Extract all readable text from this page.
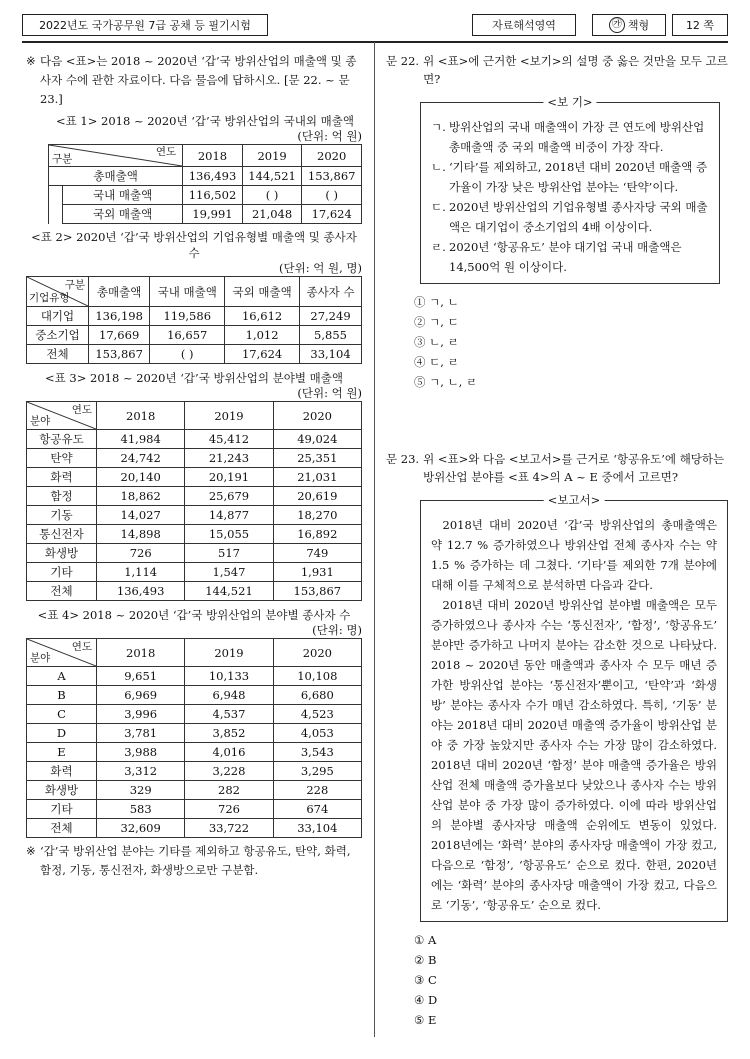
2022년도 국가공무원 7급 공채 등 필기시험	자료해석영역	㉮ 책형	12 쪽
※ 다음 <표>는 2018 ~ 2020년 ‘갑’국 방위산업의 매출액 및 종사자 수에 관한 자료이다. 다음 물음에 답하시오. [문 22. ~ 문 23.]
<표 1> 2018 ~ 2020년 ‘갑’국 방위산업의 국내외 매출액
(단위: 억 원)
연도
구분		2018	2019	2020
총매출액		136,493	144,521	153,867
	국내 매출액	116,502	( )	( )
	국외 매출액	19,991	21,048	17,624
<표 2> 2020년 ‘갑’국 방위산업의 기업유형별 매출액 및 종사자 수
(단위: 억 원, 명)
구분
기업유형	총매출액	국내 매출액	국외 매출액	종사자 수
대기업	136,198	119,586	16,612	27,249
중소기업	17,669	16,657	1,012	5,855
전체	153,867	( )	17,624	33,104
<표 3> 2018 ~ 2020년 ‘갑’국 방위산업의 분야별 매출액
(단위: 억 원)
연도
분야	2018	2019	2020
항공유도	41,984	45,412	49,024
탄약	24,742	21,243	25,351
화력	20,140	20,191	21,031
함정	18,862	25,679	20,619
기동	14,027	14,877	18,270
통신전자	14,898	15,055	16,892
화생방	726	517	749
기타	1,114	1,547	1,931
전체	136,493	144,521	153,867
<표 4> 2018 ~ 2020년 ‘갑’국 방위산업의 분야별 종사자 수
(단위: 명)
연도
분야	2018	2019	2020
A	9,651	10,133	10,108
B	6,969	6,948	6,680
C	3,996	4,537	4,523
D	3,781	3,852	4,053
E	3,988	4,016	3,543
화력	3,312	3,228	3,295
화생방	329	282	228
기타	583	726	674
전체	32,609	33,722	33,104
※ ‘갑’국 방위산업 분야는 기타를 제외하고 항공유도, 탄약, 화력, 함정, 기동, 통신전자, 화생방으로만 구분함.
문 22. 위 <표>에 근거한 <보기>의 설명 중 옳은 것만을 모두 고르면?
<보 기>
ㄱ. 방위산업의 국내 매출액이 가장 큰 연도에 방위산업 총매출액 중 국외 매출액 비중이 가장 작다.
ㄴ. ‘기타’를 제외하고, 2018년 대비 2020년 매출액 증가율이 가장 낮은 방위산업 분야는 ‘탄약’이다.
ㄷ. 2020년 방위산업의 기업유형별 종사자당 국외 매출액은 대기업이 중소기업의 4배 이상이다.
ㄹ. 2020년 ‘항공유도’ 분야 대기업 국내 매출액은 14,500억 원 이상이다.
① ㄱ, ㄴ
② ㄱ, ㄷ
③ ㄴ, ㄹ
④ ㄷ, ㄹ
⑤ ㄱ, ㄴ, ㄹ
문 23. 위 <표>와 다음 <보고서>를 근거로 ‘항공유도’에 해당하는 방위산업 분야를 <표 4>의 A ~ E 중에서 고르면?
<보고서>

2018년 대비 2020년 ‘갑’국 방위산업의 총매출액은 약 12.7 % 증가하였으나 방위산업 전체 종사자 수는 약 1.5 % 증가하는 데 그쳤다. ‘기타’를 제외한 7개 분야에 대해 이를 구체적으로 분석하면 다음과 같다.

2018년 대비 2020년 방위산업 분야별 매출액은 모두 증가하였으나 종사자 수는 ‘통신전자’, ‘함정’, ‘항공유도’ 분야만 증가하고 나머지 분야는 감소한 것으로 나타났다. 2018 ~ 2020년 동안 매출액과 종사자 수 모두 매년 증가한 방위산업 분야는 ‘통신전자’뿐이고, ‘탄약’과 ‘화생방’ 분야는 종사자 수가 매년 감소하였다. 특히, ‘기동’ 분야는 2018년 대비 2020년 매출액 증가율이 방위산업 분야 중 가장 높았지만 종사자 수는 가장 많이 감소하였다. 2018년 대비 2020년 ‘함정’ 분야 매출액 증가율은 방위산업 전체 매출액 증가율보다 낮았으나 종사자 수는 방위산업 분야 중 가장 많이 증가하였다. 이에 따라 방위산업의 분야별 종사자당 매출액 순위에도 변동이 있었다. 2018년에는 ‘화력’ 분야의 종사자당 매출액이 가장 컸고, 다음으로 ‘함정’, ‘항공유도’ 순으로 컸다. 한편, 2020년에는 ‘화력’ 분야의 종사자당 매출액이 가장 컸고, 다음으로 ‘기동’, ‘항공유도’ 순으로 컸다.

① A
② B
③ C
④ D
⑤ E
